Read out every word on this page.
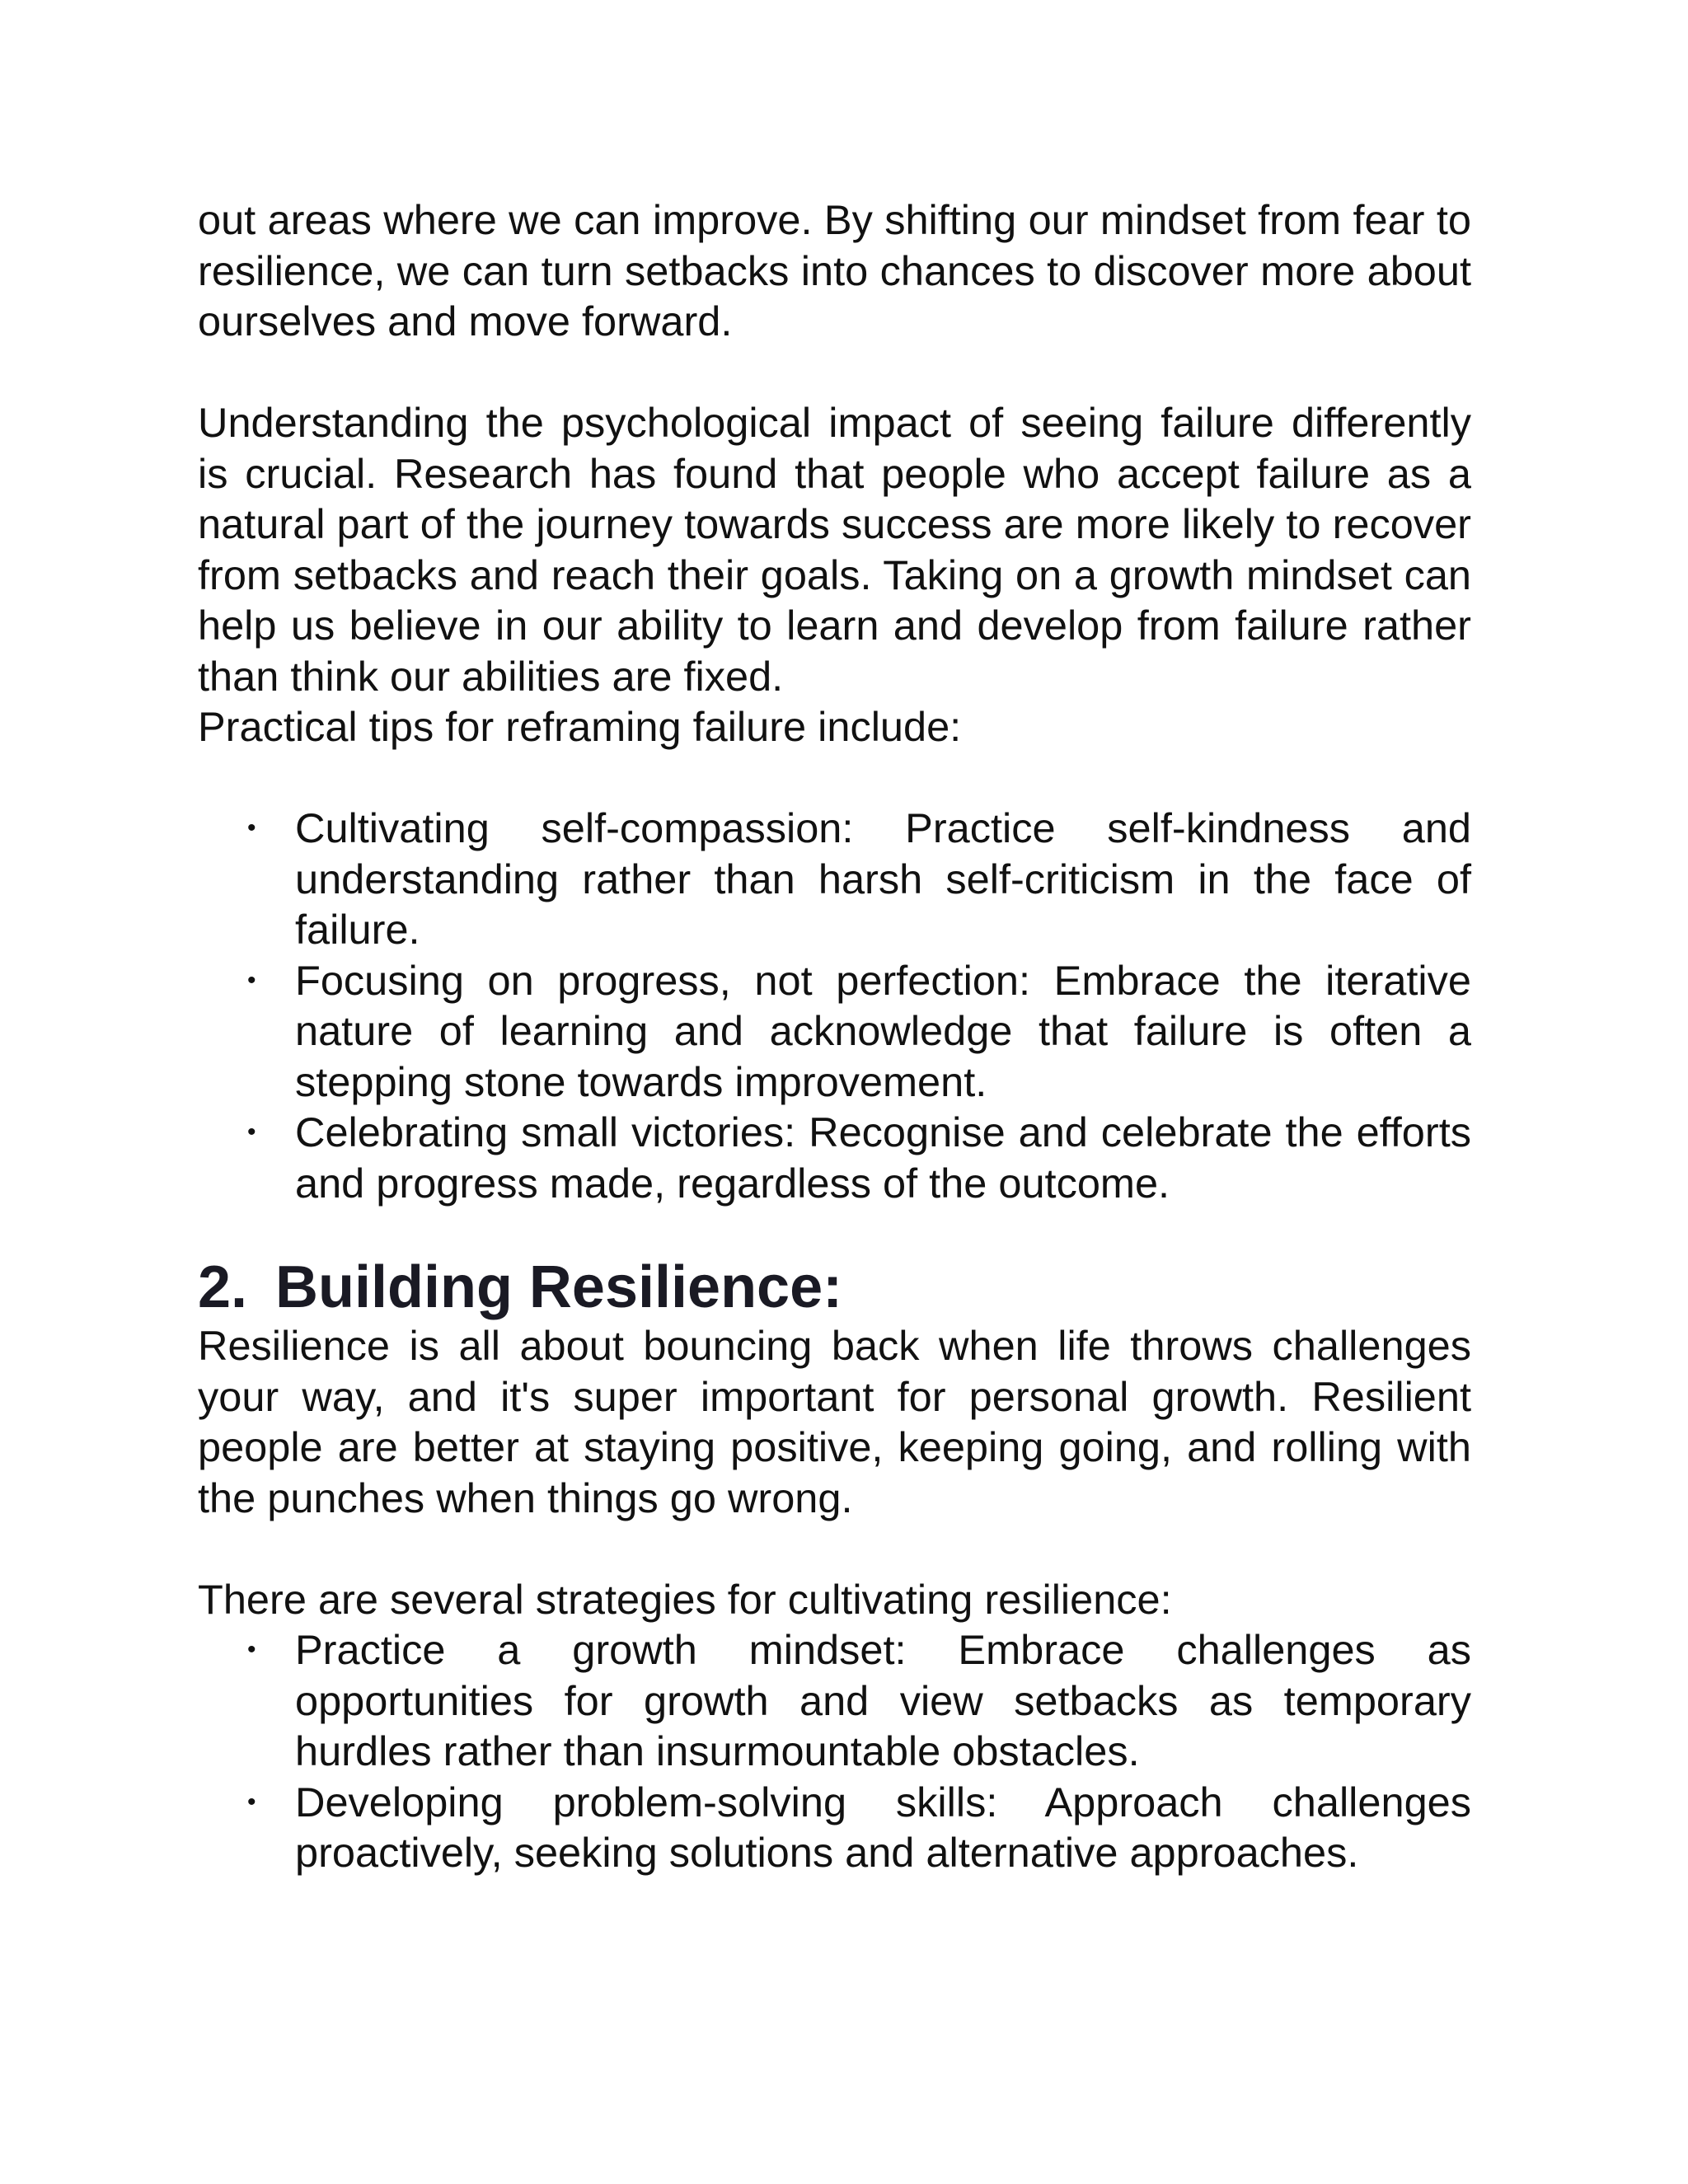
out areas where we can improve. By shifting our mindset from fear to resilience, we can turn setbacks into chances to discover more about ourselves and move forward.

Understanding the psychological impact of seeing failure differently is crucial. Research has found that people who accept failure as a natural part of the journey towards success are more likely to recover from setbacks and reach their goals. Taking on a growth mindset can help us believe in our ability to learn and develop from failure rather than think our abilities are fixed.

Practical tips for reframing failure include:

• Cultivating self-compassion: Practice self-kindness and understanding rather than harsh self-criticism in the face of failure.
• Focusing on progress, not perfection: Embrace the iterative nature of learning and acknowledge that failure is often a stepping stone towards improvement.
• Celebrating small victories: Recognise and celebrate the efforts and progress made, regardless of the outcome.
2. Building Resilience:

Resilience is all about bouncing back when life throws challenges your way, and it's super important for personal growth. Resilient people are better at staying positive, keeping going, and rolling with the punches when things go wrong.

There are several strategies for cultivating resilience:

• Practice a growth mindset: Embrace challenges as opportunities for growth and view setbacks as temporary hurdles rather than insurmountable obstacles.
• Developing problem-solving skills: Approach challenges proactively, seeking solutions and alternative approaches.
